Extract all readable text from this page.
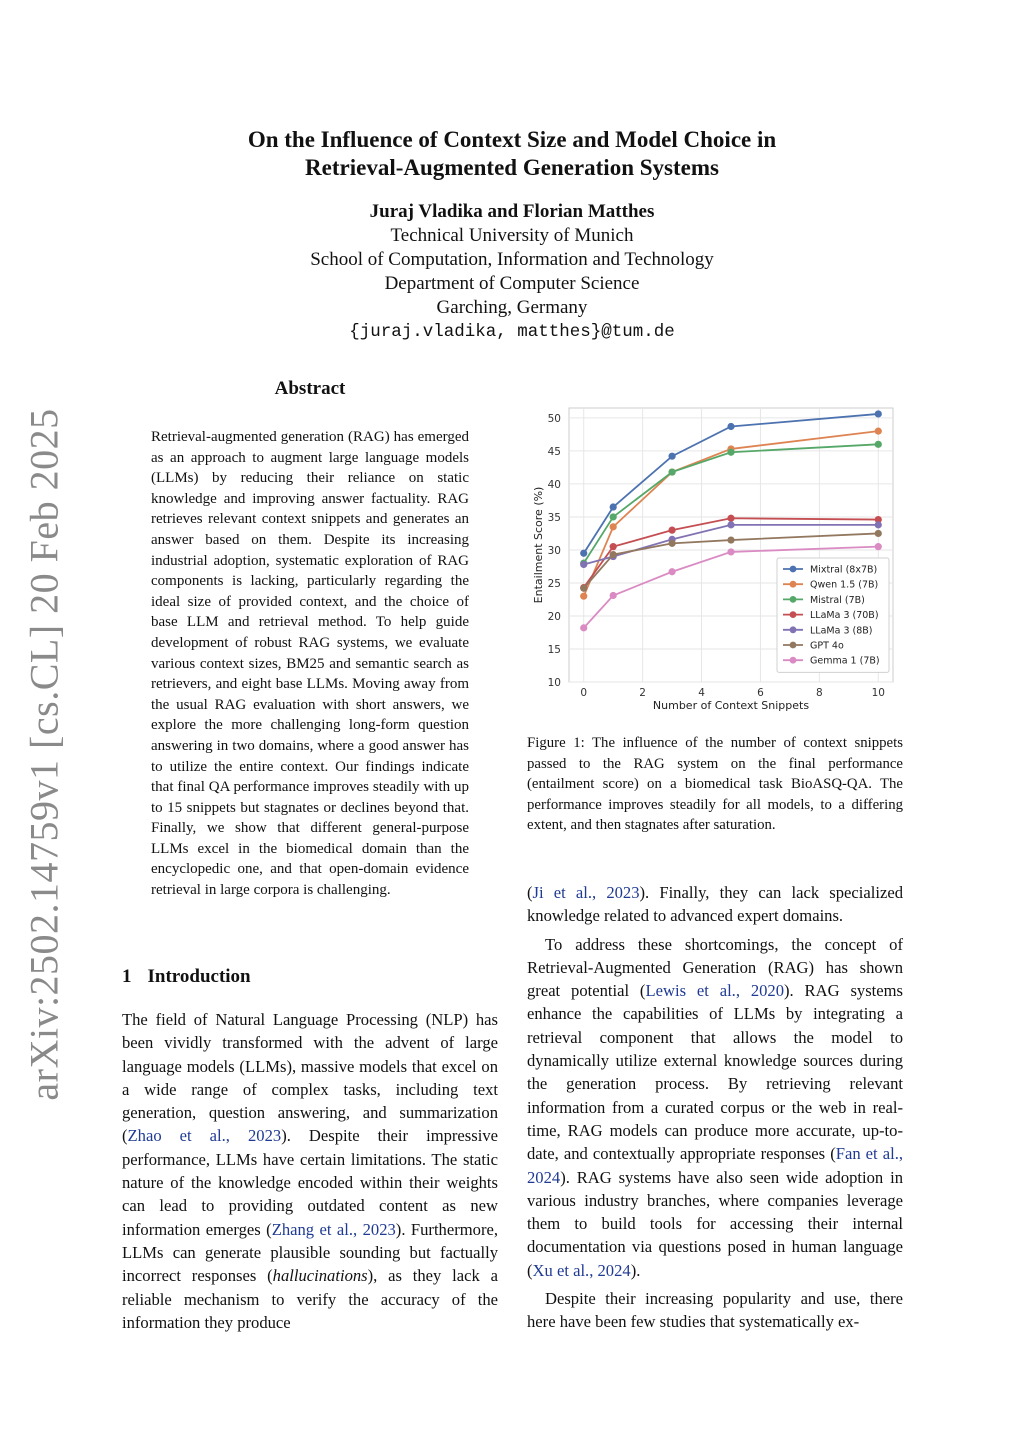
arXiv:2502.14759v1 [cs.CL] 20 Feb 2025
On the Influence of Context Size and Model Choice in
Retrieval-Augmented Generation Systems
Juraj Vladika and Florian Matthes
Technical University of Munich
School of Computation, Information and Technology
Department of Computer Science
Garching, Germany
{juraj.vladika, matthes}@tum.de
Abstract
Retrieval-augmented generation (RAG) has emerged as an approach to augment large language models (LLMs) by reducing their reliance on static knowledge and improving answer factuality. RAG retrieves relevant context snippets and generates an answer based on them. Despite its increasing industrial adoption, systematic exploration of RAG components is lacking, particularly regarding the ideal size of provided context, and the choice of base LLM and retrieval method. To help guide development of robust RAG systems, we evaluate various context sizes, BM25 and semantic search as retrievers, and eight base LLMs. Moving away from the usual RAG evaluation with short answers, we explore the more challenging long-form question answering in two domains, where a good answer has to utilize the entire context. Our findings indicate that final QA performance improves steadily with up to 15 snippets but stagnates or declines beyond that. Finally, we show that different general-purpose LLMs excel in the biomedical domain than the encyclopedic one, and that open-domain evidence retrieval in large corpora is challenging.
1 Introduction

The field of Natural Language Processing (NLP) has been vividly transformed with the advent of large language models (LLMs), massive models that excel on a wide range of complex tasks, including text generation, question answering, and summarization (Zhao et al., 2023). Despite their impressive performance, LLMs have certain limitations. The static nature of the knowledge encoded within their weights can lead to providing outdated content as new information emerges (Zhang et al., 2023). Furthermore, LLMs can generate plausible sounding but factually incorrect responses (hallucinations), as they lack a reliable mechanism to verify the accuracy of the information they produce

10
15
20
25
30
35
40
45
50
0	2	4	6	8	10
Number of Context Snippets
Entailment Score (%)	Mixtral (8x7B)
Qwen 1.5 (7B)
Mistral (7B)
LLaMa 3 (70B)
LLaMa 3 (8B)
GPT 4o
Gemma 1 (7B)
Figure 1: The influence of the number of context snippets passed to the RAG system on the final performance (entailment score) on a biomedical task BioASQ-QA. The performance improves steadily for all models, to a differing extent, and then stagnates after saturation.

(Ji et al., 2023). Finally, they can lack specialized knowledge related to advanced expert domains.

To address these shortcomings, the concept of Retrieval-Augmented Generation (RAG) has shown great potential (Lewis et al., 2020). RAG systems enhance the capabilities of LLMs by integrating a retrieval component that allows the model to dynamically utilize external knowledge sources during the generation process. By retrieving relevant information from a curated corpus or the web in real-time, RAG models can produce more accurate, up-to-date, and contextually appropriate responses (Fan et al., 2024). RAG systems have also seen wide adoption in various industry branches, where companies leverage them to build tools for accessing their internal documentation via questions posed in human language (Xu et al., 2024).

Despite their increasing popularity and use, there here have been few studies that systematically ex-
